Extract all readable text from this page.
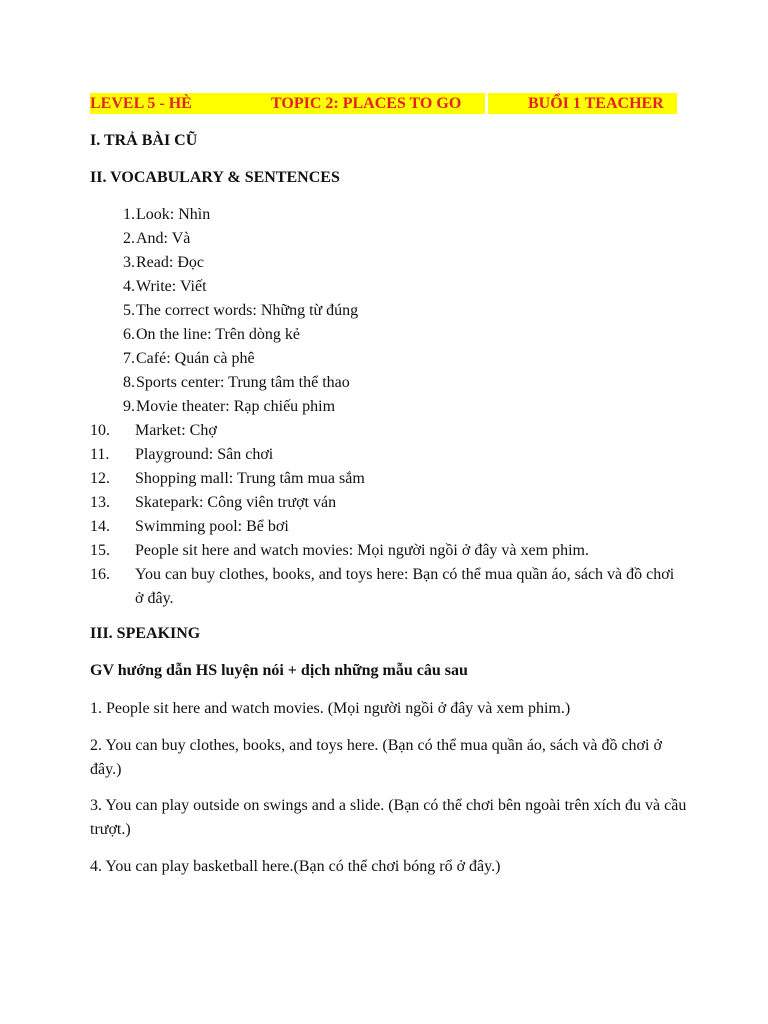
LEVEL 5 - HÈ	TOPIC 2: PLACES TO GO	BUỔI 1 TEACHER
I. TRẢ BÀI CŨ
II. VOCABULARY & SENTENCES
1. Look: Nhìn
2. And: Và
3. Read: Đọc
4. Write: Viết
5. The correct words: Những từ đúng
6. On the line: Trên dòng kẻ
7. Café: Quán cà phê
8. Sports center: Trung tâm thể thao
9. Movie theater: Rạp chiếu phim
10.	Market: Chợ
11.	Playground: Sân chơi
12.	Shopping mall: Trung tâm mua sắm
13.	Skatepark: Công viên trượt ván
14.	Swimming pool: Bể bơi
15.	People sit here and watch movies: Mọi người ngồi ở đây và xem phim.
16.	You can buy clothes, books, and toys here: Bạn có thể mua quần áo, sách và đồ chơi ở đây.
III. SPEAKING
GV hướng dẫn HS luyện nói + dịch những mẫu câu sau
1. People sit here and watch movies. (Mọi người ngồi ở đây và xem phim.)
2. You can buy clothes, books, and toys here. (Bạn có thể mua quần áo, sách và đồ chơi ở đây.)
3. You can play outside on swings and a slide. (Bạn có thể chơi bên ngoài trên xích đu và cầu trượt.)
4. You can play basketball here.(Bạn có thể chơi bóng rổ ở đây.)
